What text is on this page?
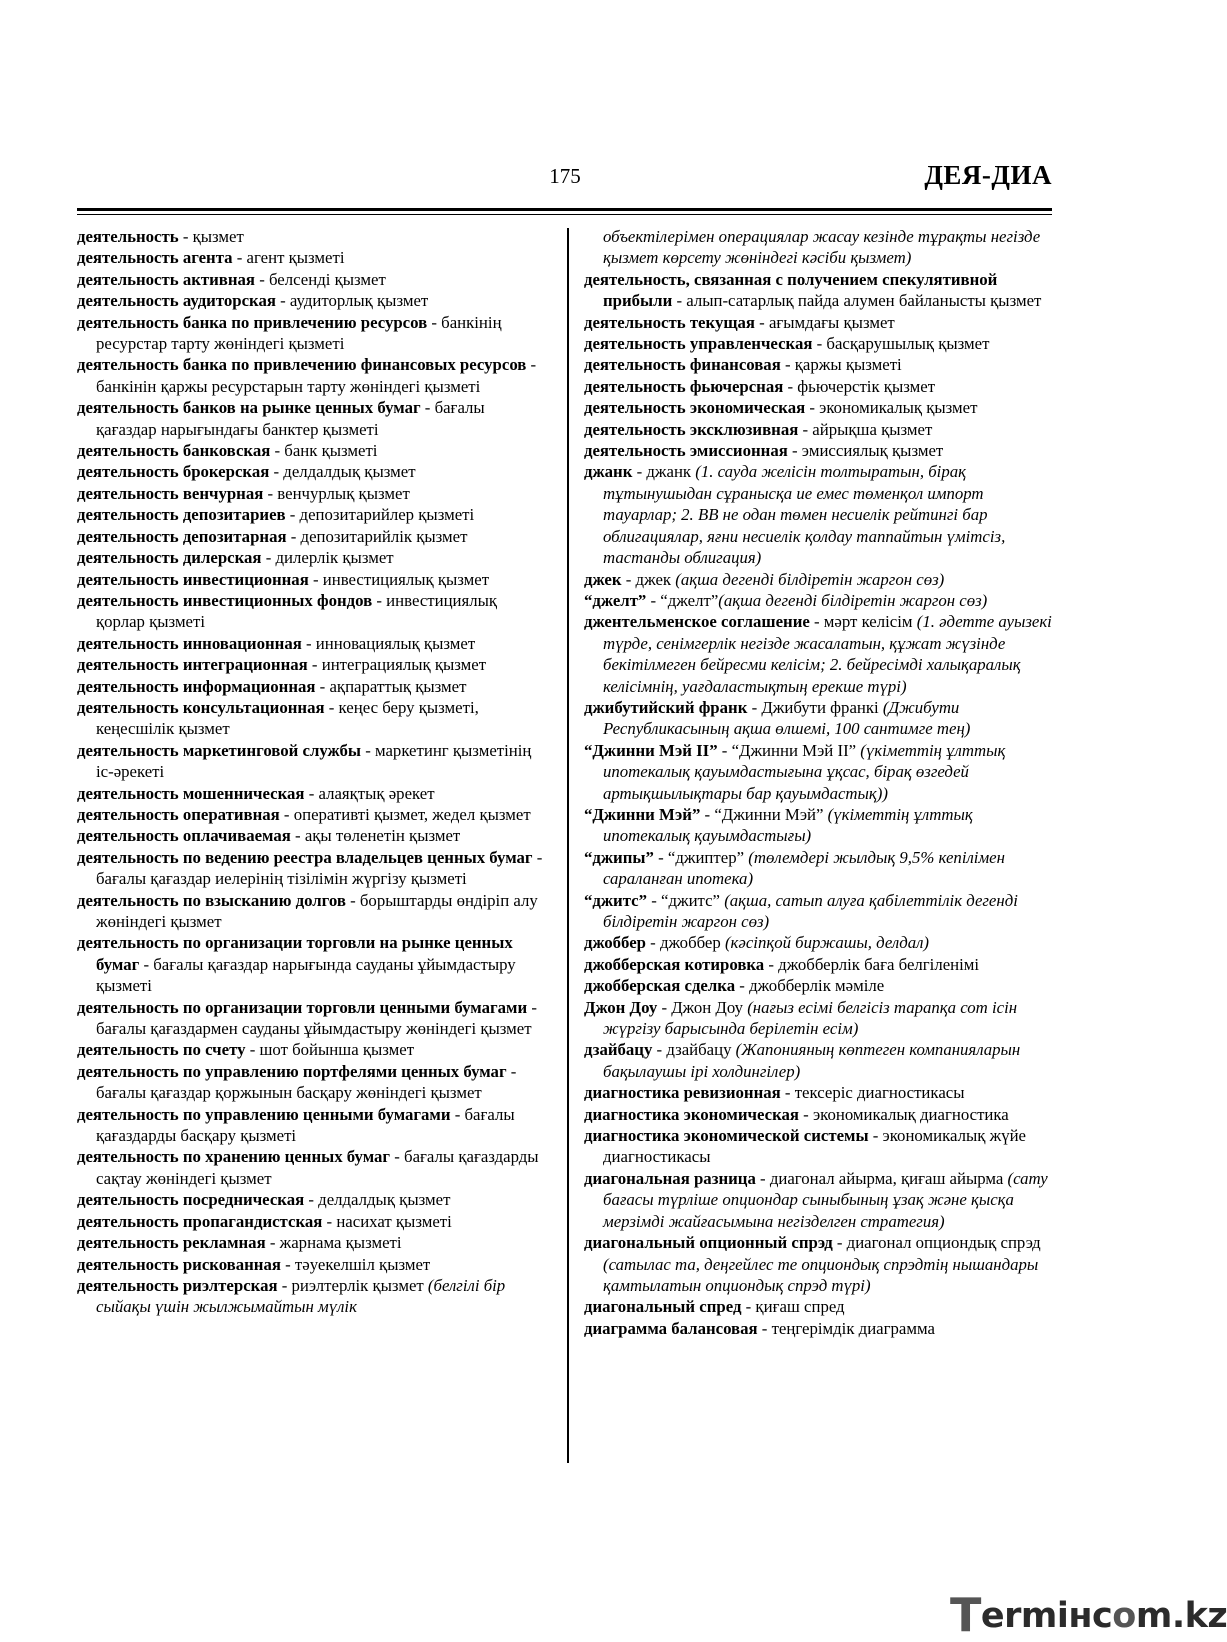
175	ДЕЯ-ДИА

деятельность - қызмет

деятельность агента - агент қызметі

деятельность активная - белсенді қызмет

деятельность аудиторская - аудиторлық қызмет

деятельность банка по привлечению ресурсов - банкінің ресурстар тарту жөніндегі қызметі

деятельность банка по привлечению финансовых ресурсов - банкінін қаржы ресурстарын тарту жөніндегі қызметі

деятельность банков на рынке ценных бумаг - бағалы қағаздар нарығындағы банктер қызметі

деятельность банковская - банк қызметі

деятельность брокерская - делдалдық қызмет

деятельность венчурная - венчурлық қызмет

деятельность депозитариев - депозитарийлер қызметі

деятельность депозитарная - депозитарийлік қызмет

деятельность дилерская - дилерлік қызмет

деятельность инвестиционная - инвестициялық қызмет

деятельность инвестиционных фондов - инвестициялық қорлар қызметі

деятельность инновационная - инновациялық қызмет

деятельность интеграционная - интеграциялық қызмет

деятельность информационная - ақпараттық қызмет

деятельность консультационная - кеңес беру қызметі, кеңесшілік қызмет

деятельность маркетинговой службы - маркетинг қызметінің іс-әрекеті

деятельность мошенническая - алаяқтық әрекет

деятельность оперативная - оперативті қызмет, жедел қызмет

деятельность оплачиваемая - ақы төленетін қызмет

деятельность по ведению реестра владельцев ценных бумаг - бағалы қағаздар иелерінің тізілімін жүргізу қызметі

деятельность по взысканию долгов - борыштарды өндіріп алу жөніндегі қызмет

деятельность по организации торговли на рынке ценных бумаг - бағалы қағаздар нарығында сауданы ұйымдастыру қызметі

деятельность по организации торговли ценными бумагами - бағалы қағаздармен сауданы ұйымдастыру жөніндегі қызмет

деятельность по счету - шот бойынша қызмет

деятельность по управлению портфелями ценных бумаг - бағалы қағаздар қоржынын басқару жөніндегі қызмет

деятельность по управлению ценными бумагами - бағалы қағаздарды басқару қызметі

деятельность по хранению ценных бумаг - бағалы қағаздарды сақтау жөніндегі қызмет

деятельность посредническая - делдалдық қызмет

деятельность пропагандистская - насихат қызметі

деятельность рекламная - жарнама қызметі

деятельность рискованная - тәуекелшіл қызмет

деятельность риэлтерская - риэлтерлік қызмет (белгілі бір сыйақы үшін жылжымайтын мүлік

объектілерімен операциялар жасау кезінде тұрақты негізде қызмет көрсету жөніндегі кәсіби қызмет)

деятельность, связанная с получением спекулятивной прибыли - алып-сатарлық пайда алумен байланысты қызмет

деятельность текущая - ағымдағы қызмет

деятельность управленческая - басқарушылық қызмет

деятельность финансовая - қаржы қызметі

деятельность фьючерсная - фьючерстік қызмет

деятельность экономическая - экономикалық қызмет

деятельность эксклюзивная - айрықша қызмет

деятельность эмиссионная - эмиссиялық қызмет

джанк - джанк (1. сауда желісін толтыратын, бірақ тұтынушыдан сұранысқа ие емес төменқол импорт тауарлар; 2. ВВ не одан төмен несиелік рейтингі бар облигациялар, яғни несиелік қолдау таппайтын үмітсіз, тастанды облигация)

джек - джек (ақша дегенді білдіретін жаргон сөз)

“джелт” - “джелт”(ақша дегенді білдіретін жаргон сөз)

джентельменское соглашение - мәрт келісім (1. әдетте ауызекі түрде, сенімгерлік негізде жасалатын, құжат жүзінде бекітілмеген бейресми келісім; 2. бейресімді халықаралық келісімнің, уағдаластықтың ерекше түрі)

джибутийский франк - Джибути франкі (Джибути Республикасының ақша өлшемі, 100 сантимге тең)

“Джинни Мэй II” - “Джинни Мэй II” (үкіметтің ұлттық ипотекалық қауымдастығына ұқсас, бірақ өзгедей артықшылықтары бар қауымдастық))

“Джинни Мэй” - “Джинни Мэй” (үкіметтің ұлттық ипотекалық қауымдастығы)

“джипы” - “джиптер” (төлемдері жылдық 9,5% кепілімен сараланған ипотека)

“джитс” - “джитс” (ақша, сатып алуға қабілеттілік дегенді білдіретін жаргон сөз)

джоббер - джоббер (кәсіпқой биржашы, делдал)

джобберская котировка - джобберлік баға белгіленімі

джобберская сделка - джобберлік мәміле

Джон Доу - Джон Доу (нағыз есімі белгісіз тарапқа сот ісін жүргізу барысында берілетін есім)

дзайбацу - дзайбацу (Жапонияның көптеген компанияларын бақылаушы ірі холдингілер)

диагностика ревизионная - тексеріс диагностикасы

диагностика экономическая - экономикалық диагностика

диагностика экономической системы - экономикалық жүйе диагностикасы

диагональная разница - диагонал айырма, қиғаш айырма (сату бағасы түрліше опциондар сыныбының ұзақ және қысқа мерзімді жайғасымына негізделген стратегия)

диагональный опционный спрэд - диагонал опциондық спрэд (сатылас та, деңгейлес те опциондық спрэдтің нышандары қамтылатын опциондық спрэд түрі)

диагональный спред - қиғаш спред

диаграмма балансовая - теңгерімдік диаграмма

Termінcom.kz
